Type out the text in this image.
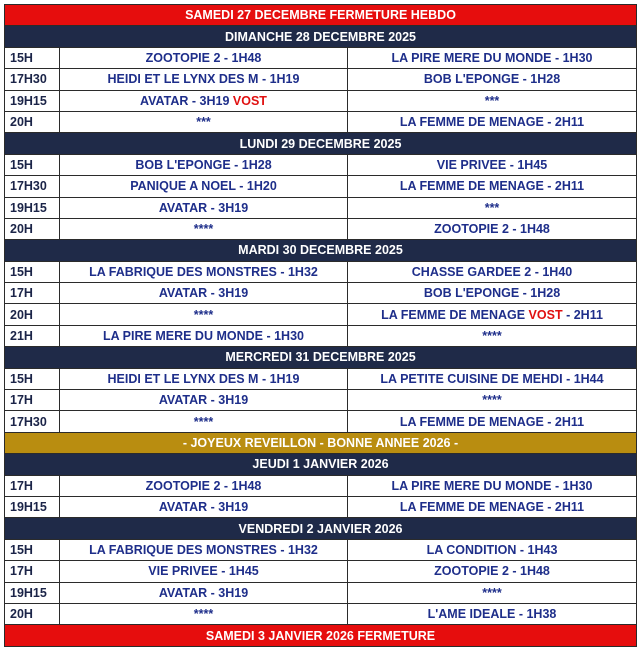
SAMEDI 27 DECEMBRE FERMETURE HEBDO		
DIMANCHE 28 DECEMBRE 2025		
15H	ZOOTOPIE 2 - 1H48	LA PIRE MERE DU MONDE - 1H30
17H30	HEIDI ET LE LYNX DES M - 1H19	BOB L'EPONGE - 1H28
19H15	AVATAR - 3H19 VOST	***
20H	***	LA FEMME DE MENAGE - 2H11
LUNDI 29 DECEMBRE 2025		
15H	BOB L'EPONGE - 1H28	VIE PRIVEE - 1H45
17H30	PANIQUE A NOEL - 1H20	LA FEMME DE MENAGE - 2H11
19H15	AVATAR - 3H19	***
20H	****	ZOOTOPIE 2 - 1H48
MARDI 30 DECEMBRE 2025		
15H	LA FABRIQUE DES MONSTRES - 1H32	CHASSE GARDEE 2 - 1H40
17H	AVATAR - 3H19	BOB L'EPONGE - 1H28
20H	****	LA FEMME DE MENAGE VOST - 2H11
21H	LA PIRE MERE DU MONDE - 1H30	****
MERCREDI 31 DECEMBRE 2025		
15H	HEIDI ET LE LYNX DES M - 1H19	LA PETITE CUISINE DE MEHDI - 1H44
17H	AVATAR - 3H19	****
17H30	****	LA FEMME DE MENAGE - 2H11
- JOYEUX REVEILLON - BONNE ANNEE 2026 -		
JEUDI 1 JANVIER 2026		
17H	ZOOTOPIE 2 - 1H48	LA PIRE MERE DU MONDE - 1H30
19H15	AVATAR - 3H19	LA FEMME DE MENAGE - 2H11
VENDREDI 2 JANVIER 2026		
15H	LA FABRIQUE DES MONSTRES - 1H32	LA CONDITION - 1H43
17H	VIE PRIVEE - 1H45	ZOOTOPIE 2 - 1H48
19H15	AVATAR - 3H19	****
20H	****	L'AME IDEALE - 1H38
SAMEDI 3 JANVIER 2026 FERMETURE		
